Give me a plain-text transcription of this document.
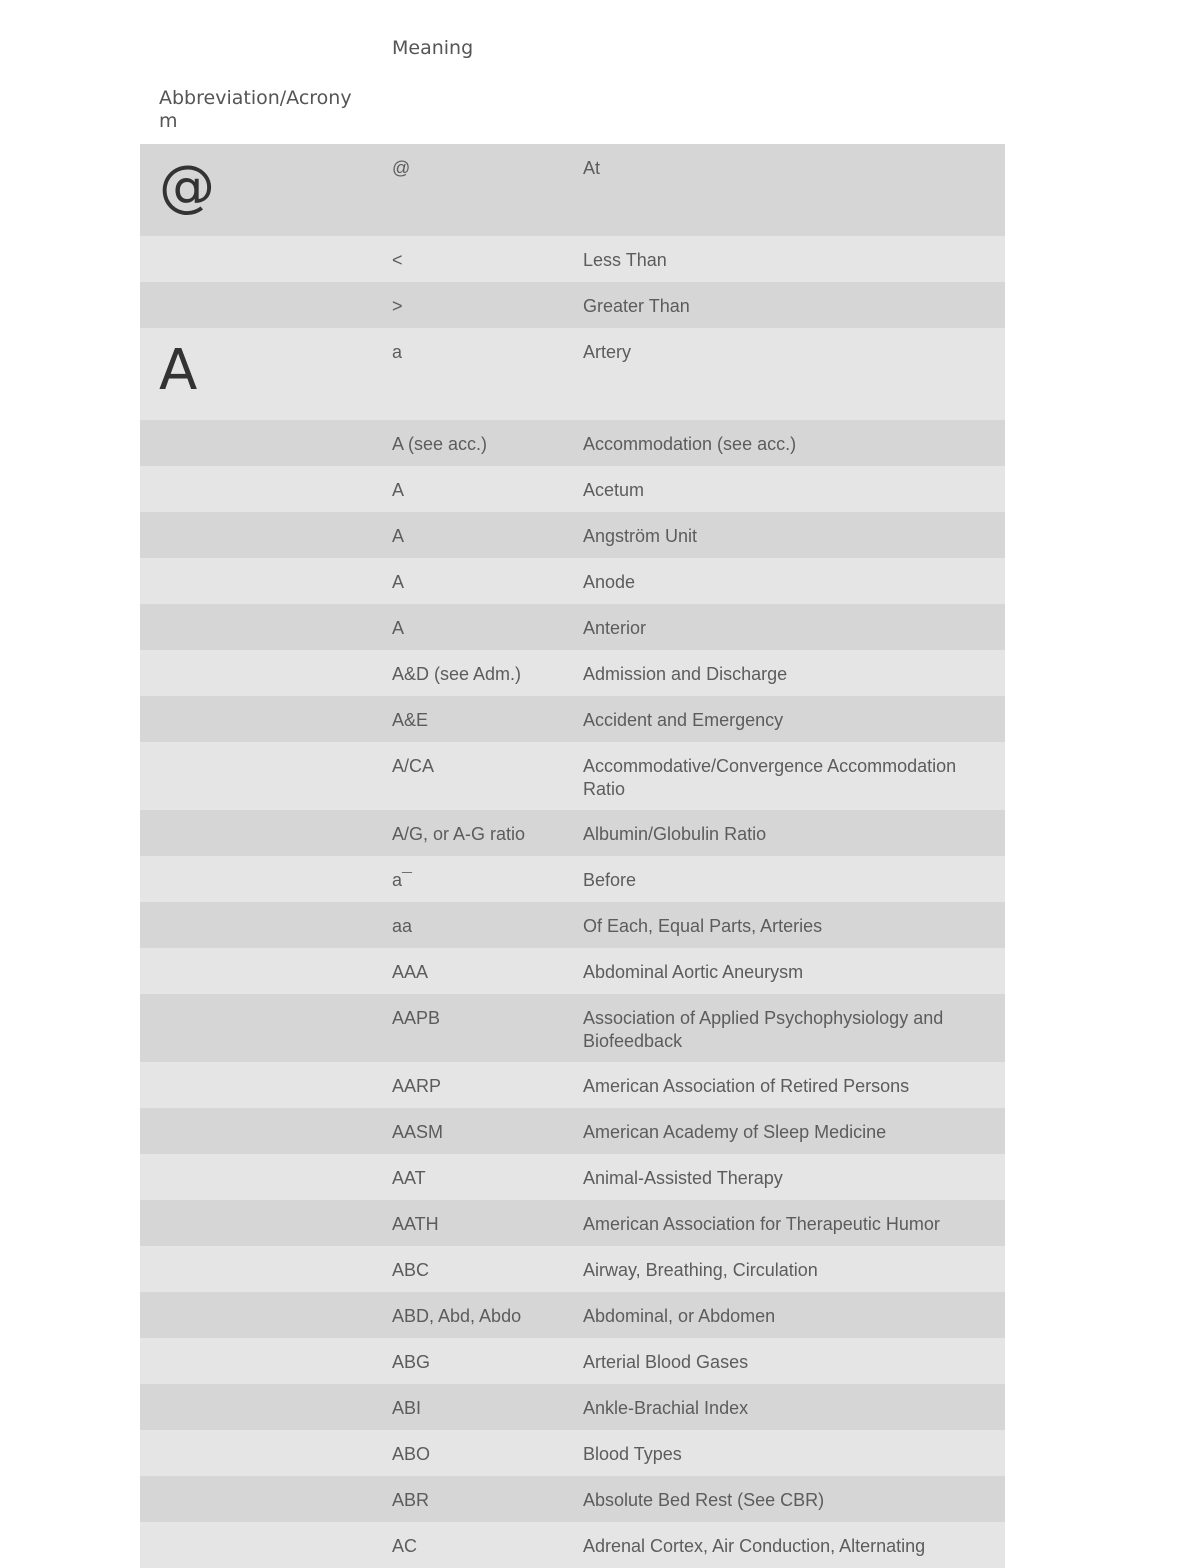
Meaning
Abbreviation/Acronym
@	@	At
<	Less Than
>	Greater Than
A	a	Artery
A (see acc.)	Accommodation (see acc.)
A	Acetum
A	Angström Unit
A	Anode
A	Anterior
A&D (see Adm.)	Admission and Discharge
A&E	Accident and Emergency
A/CA	Accommodative/Convergence Accommodation Ratio
A/G, or A-G ratio	Albumin/Globulin Ratio
a¯	Before
aa	Of Each, Equal Parts, Arteries
AAA	Abdominal Aortic Aneurysm
AAPB	Association of Applied Psychophysiology and Biofeedback
AARP	American Association of Retired Persons
AASM	American Academy of Sleep Medicine
AAT	Animal-Assisted Therapy
AATH	American Association for Therapeutic Humor
ABC	Airway, Breathing, Circulation
ABD, Abd, Abdo	Abdominal, or Abdomen
ABG	Arterial Blood Gases
ABI	Ankle-Brachial Index
ABO	Blood Types
ABR	Absolute Bed Rest (See CBR)
AC	Adrenal Cortex, Air Conduction, Alternating
